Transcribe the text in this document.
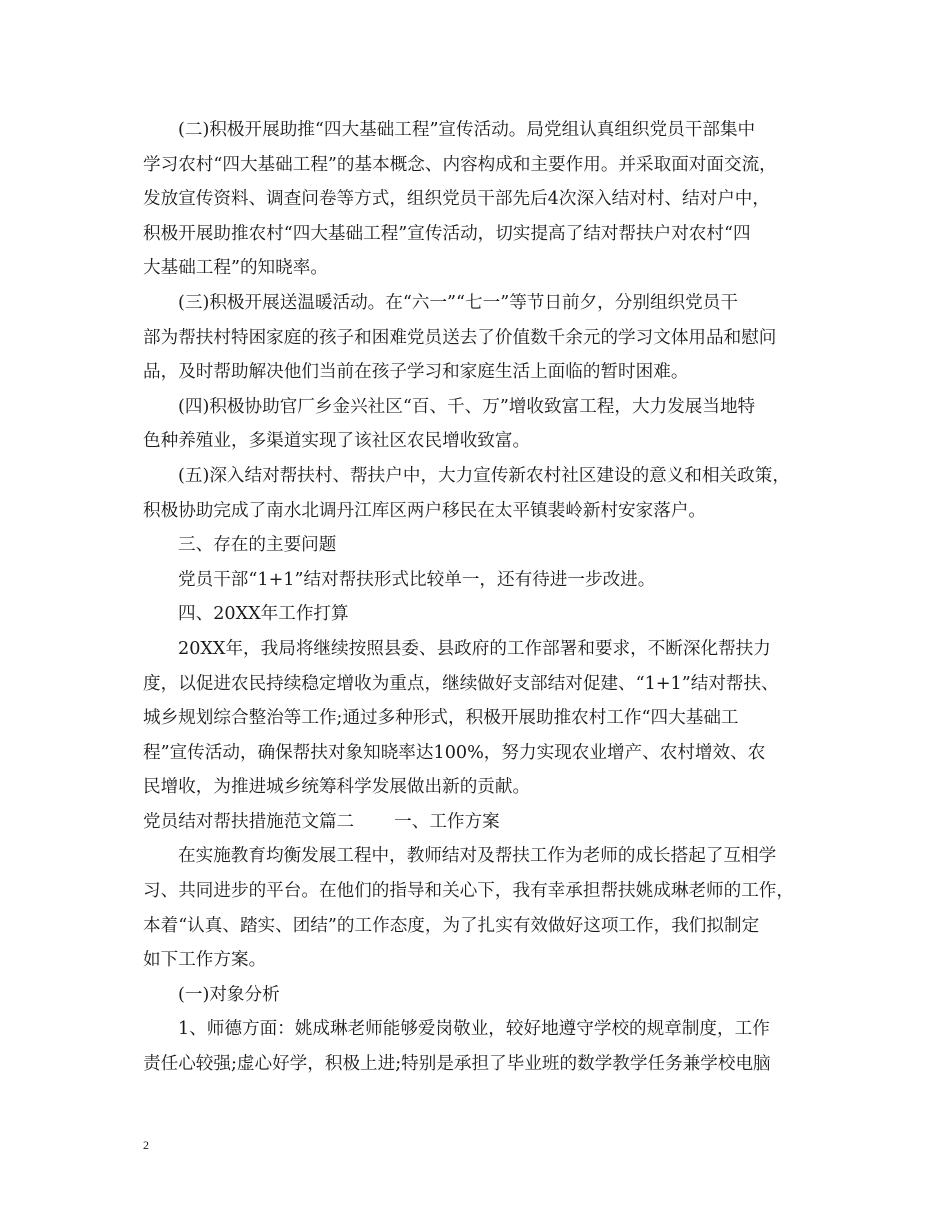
(二)积极开展助推“四大基础工程”宣传活动。局党组认真组织党员干部集中
学习农村“四大基础工程”的基本概念、内容构成和主要作用。并采取面对面交流，
发放宣传资料、调查问卷等方式，组织党员干部先后4次深入结对村、结对户中，
积极开展助推农村“四大基础工程”宣传活动，切实提高了结对帮扶户对农村“四
大基础工程”的知晓率。
(三)积极开展送温暖活动。在“六一”“七一”等节日前夕，分别组织党员干
部为帮扶村特困家庭的孩子和困难党员送去了价值数千余元的学习文体用品和慰问
品，及时帮助解决他们当前在孩子学习和家庭生活上面临的暂时困难。
(四)积极协助官厂乡金兴社区“百、千、万”增收致富工程，大力发展当地特
色种养殖业，多渠道实现了该社区农民增收致富。
(五)深入结对帮扶村、帮扶户中，大力宣传新农村社区建设的意义和相关政策，
积极协助完成了南水北调丹江库区两户移民在太平镇裴岭新村安家落户。
三、存在的主要问题
党员干部“1+1”结对帮扶形式比较单一，还有待进一步改进。
四、20XX年工作打算
20XX年，我局将继续按照县委、县政府的工作部署和要求，不断深化帮扶力
度，以促进农民持续稳定增收为重点，继续做好支部结对促建、“1+1”结对帮扶、
城乡规划综合整治等工作;通过多种形式，积极开展助推农村工作“四大基础工
程”宣传活动，确保帮扶对象知晓率达100%，努力实现农业增产、农村增效、农
民增收，为推进城乡统筹科学发展做出新的贡献。
党员结对帮扶措施范文篇二 一、工作方案
在实施教育均衡发展工程中，教师结对及帮扶工作为老师的成长搭起了互相学
习、共同进步的平台。在他们的指导和关心下，我有幸承担帮扶姚成琳老师的工作，
本着“认真、踏实、团结”的工作态度，为了扎实有效做好这项工作，我们拟制定
如下工作方案。
(一)对象分析
1、师德方面：姚成琳老师能够爱岗敬业，较好地遵守学校的规章制度，工作
责任心较强;虚心好学，积极上进;特别是承担了毕业班的数学教学任务兼学校电脑
2
